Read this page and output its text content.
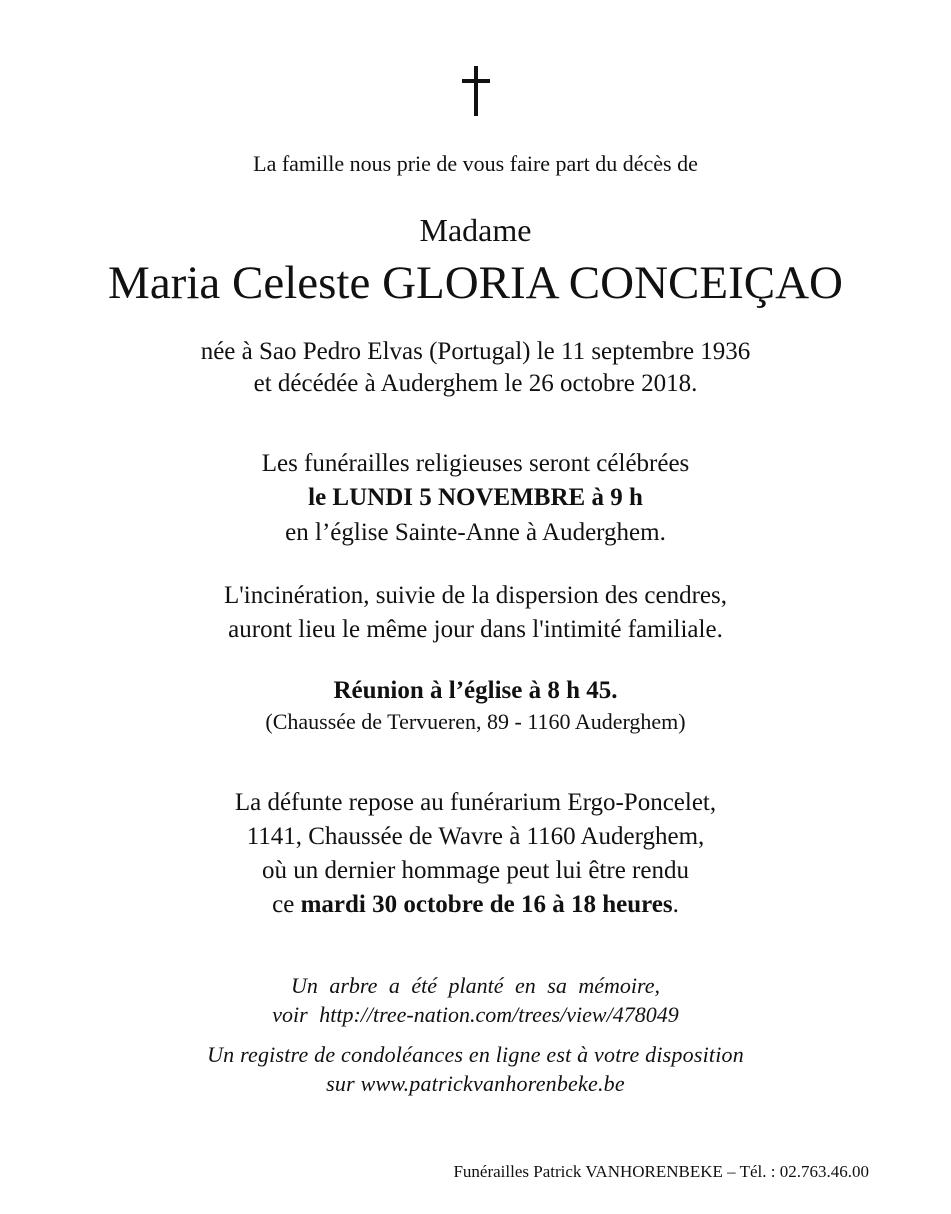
La famille nous prie de vous faire part du décès de
Madame
Maria Celeste GLORIA CONCEIÇAO
née à Sao Pedro Elvas (Portugal) le 11 septembre 1936
et décédée à Auderghem le 26 octobre 2018.
Les funérailles religieuses seront célébrées
le LUNDI 5 NOVEMBRE à 9 h
en l’église Sainte-Anne à Auderghem.
L'incinération, suivie de la dispersion des cendres,
auront lieu le même jour dans l'intimité familiale.
Réunion à l’église à 8 h 45.
(Chaussée de Tervueren, 89 - 1160 Auderghem)
La défunte repose au funérarium Ergo-Poncelet,
1141, Chaussée de Wavre à 1160 Auderghem,
où un dernier hommage peut lui être rendu
ce mardi 30 octobre de 16 à 18 heures.
Un arbre a été planté en sa mémoire,
voir http://tree-nation.com/trees/view/478049
Un registre de condoléances en ligne est à votre disposition
sur www.patrickvanhorenbeke.be
Funérailles Patrick VANHORENBEKE – Tél. : 02.763.46.00
